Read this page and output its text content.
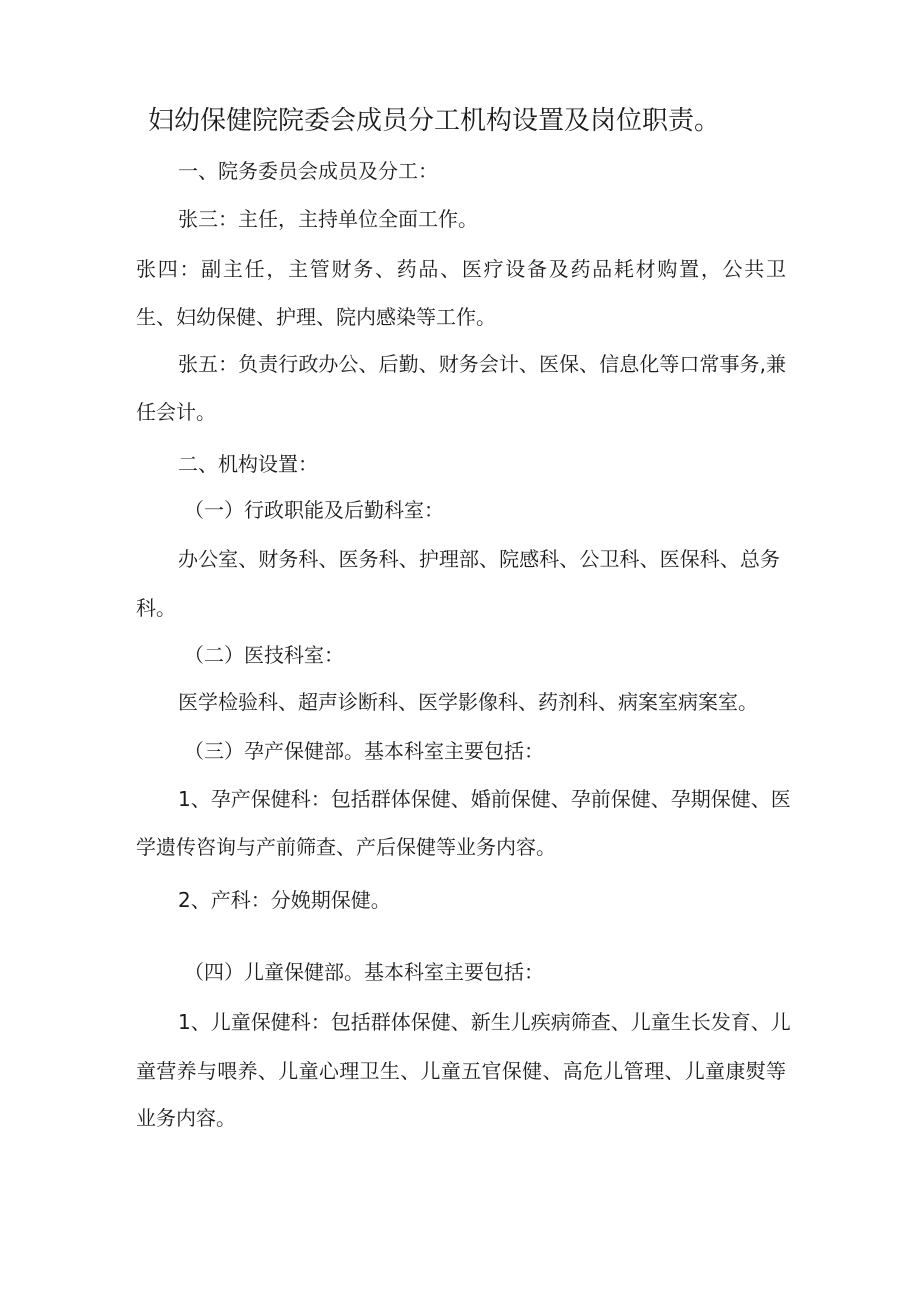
妇幼保健院院委会成员分工机构设置及岗位职责。
一、院务委员会成员及分工：
张三：主任，主持单位全面工作。
张四：副主任，主管财务、药品、医疗设备及药品耗材购置，公共卫
生、妇幼保健、护理、院内感染等工作。
张五：负责行政办公、后勤、财务会计、医保、信息化等口常事务,兼
任会计。
二、机构设置：
（一）行政职能及后勤科室：
办公室、财务科、医务科、护理部、院感科、公卫科、医保科、总务
科。
（二）医技科室：
医学检验科、超声诊断科、医学影像科、药剂科、病案室病案室。
（三）孕产保健部。基本科室主要包括：
1、孕产保健科：包括群体保健、婚前保健、孕前保健、孕期保健、医
学遗传咨询与产前筛查、产后保健等业务内容。
2、产科：分娩期保健。
（四）儿童保健部。基本科室主要包括：
1、儿童保健科：包括群体保健、新生儿疾病筛查、儿童生长发育、儿
童营养与喂养、儿童心理卫生、儿童五官保健、高危儿管理、儿童康熨等
业务内容。
